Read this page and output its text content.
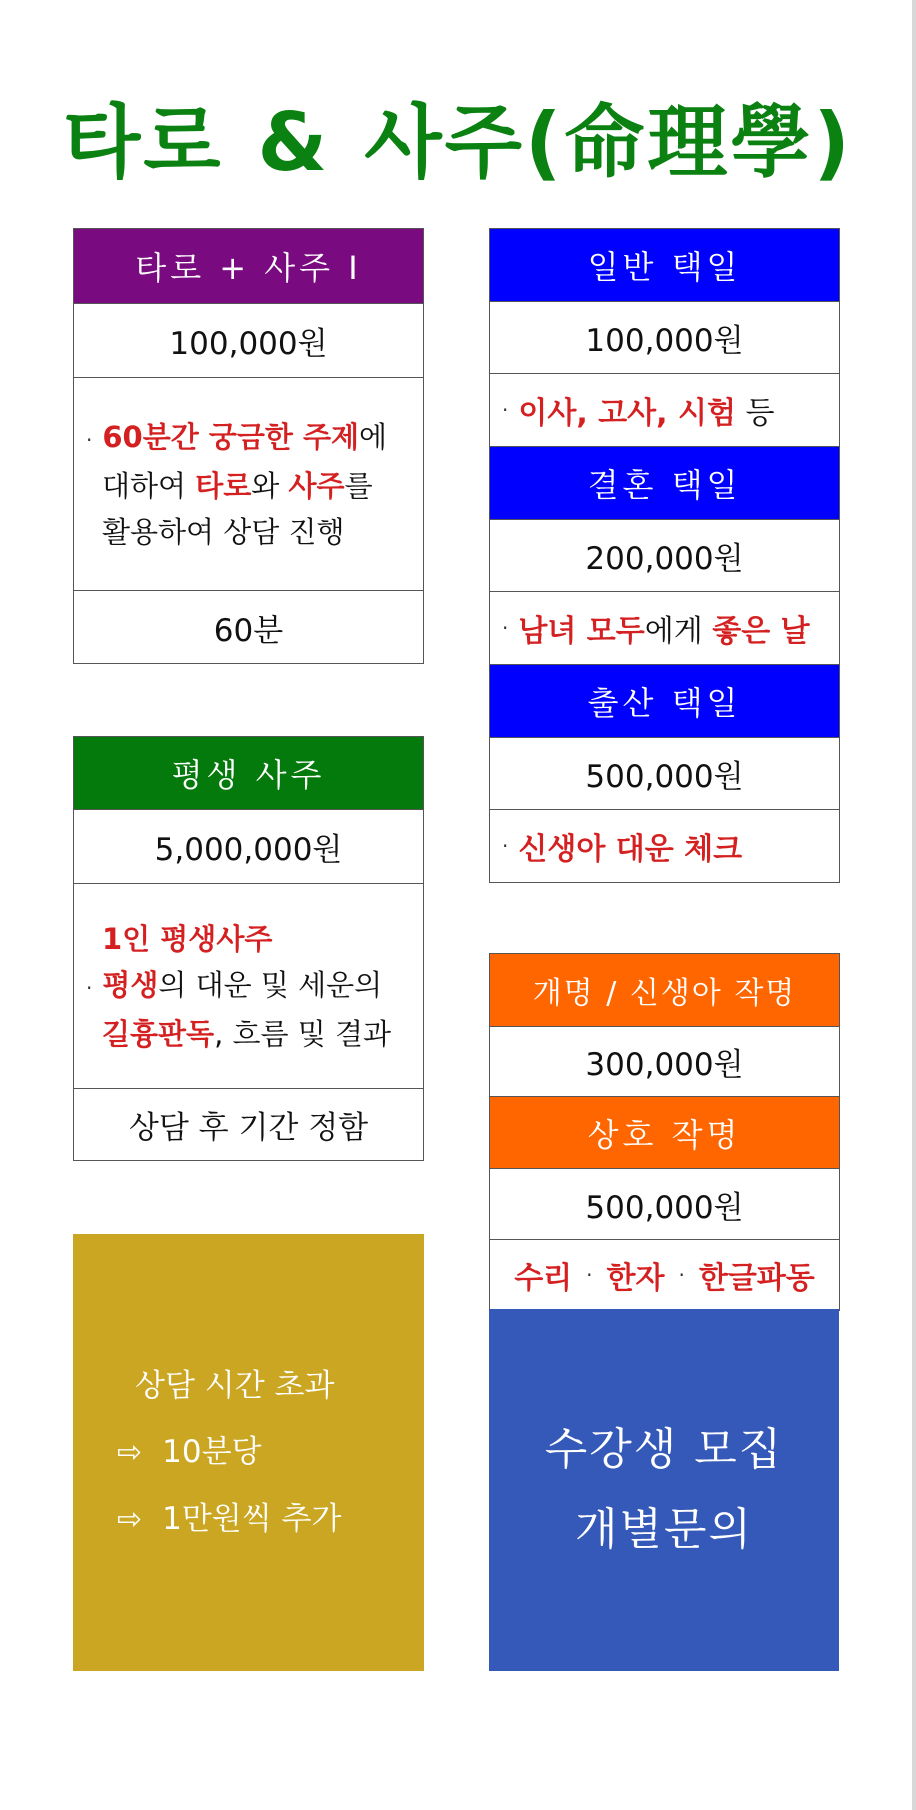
타로 & 사주(命理學)
타로 + 사주 Ⅰ
100,000원
· 60분간 궁금한 주제에
대하여 타로와 사주를
활용하여 상담 진행
60분
평생 사주
5,000,000원
1인 평생사주
· 평생의 대운 및 세운의
길흉판독, 흐름 및 결과
상담 후 기간 정함
상담 시간 초과
⇨ 10분당
⇨ 1만원씩 추가
일반 택일
100,000원
· 이사, 고사, 시험 등
결혼 택일
200,000원
· 남녀 모두 에게 좋은 날
출산 택일
500,000원
· 신생아 대운 체크
개명 / 신생아 작명
300,000원
상호 작명
500,000원
수리 · 한자 · 한글파동
수강생 모집
개별문의
